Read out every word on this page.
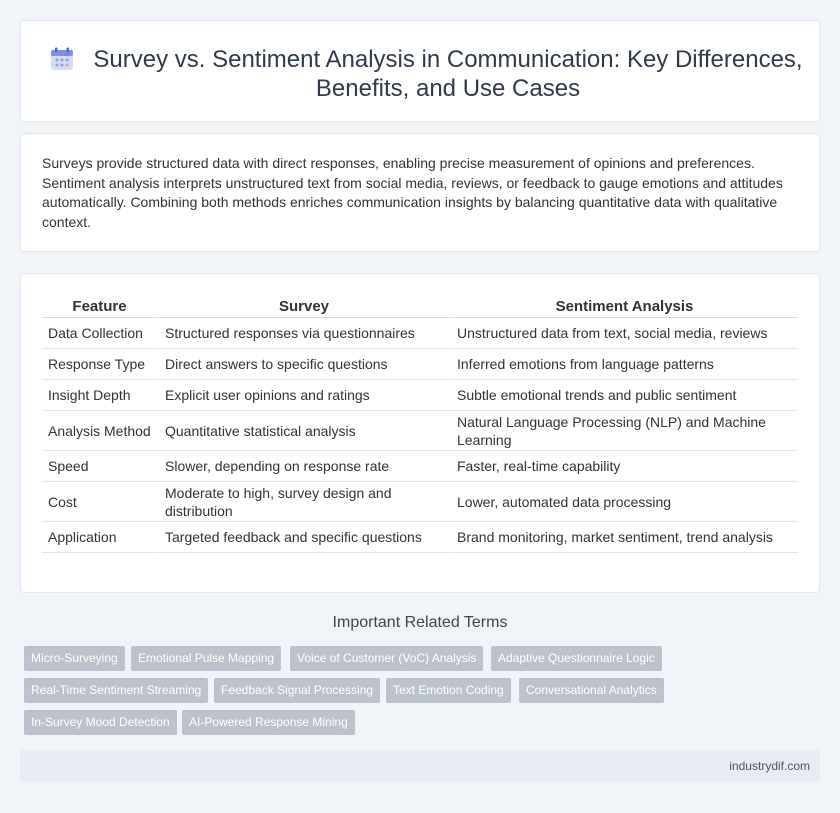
Survey vs. Sentiment Analysis in Communication: Key Differences, Benefits, and Use Cases

Surveys provide structured data with direct responses, enabling precise measurement of opinions and preferences. Sentiment analysis interprets unstructured text from social media, reviews, or feedback to gauge emotions and attitudes automatically. Combining both methods enriches communication insights by balancing quantitative data with qualitative context.

Feature	Survey	Sentiment Analysis
Data Collection	Structured responses via questionnaires	Unstructured data from text, social media, reviews
Response Type	Direct answers to specific questions	Inferred emotions from language patterns
Insight Depth	Explicit user opinions and ratings	Subtle emotional trends and public sentiment
Analysis Method	Quantitative statistical analysis	Natural Language Processing (NLP) and Machine Learning
Speed	Slower, depending on response rate	Faster, real-time capability
Cost	Moderate to high, survey design and distribution	Lower, automated data processing
Application	Targeted feedback and specific questions	Brand monitoring, market sentiment, trend analysis
Important Related Terms
Micro-Surveying	Emotional Pulse Mapping	Voice of Customer (VoC) Analysis	Adaptive Questionnaire Logic
Real-Time Sentiment Streaming	Feedback Signal Processing	Text Emotion Coding	Conversational Analytics
In-Survey Mood Detection	AI-Powered Response Mining
industrydif.com
